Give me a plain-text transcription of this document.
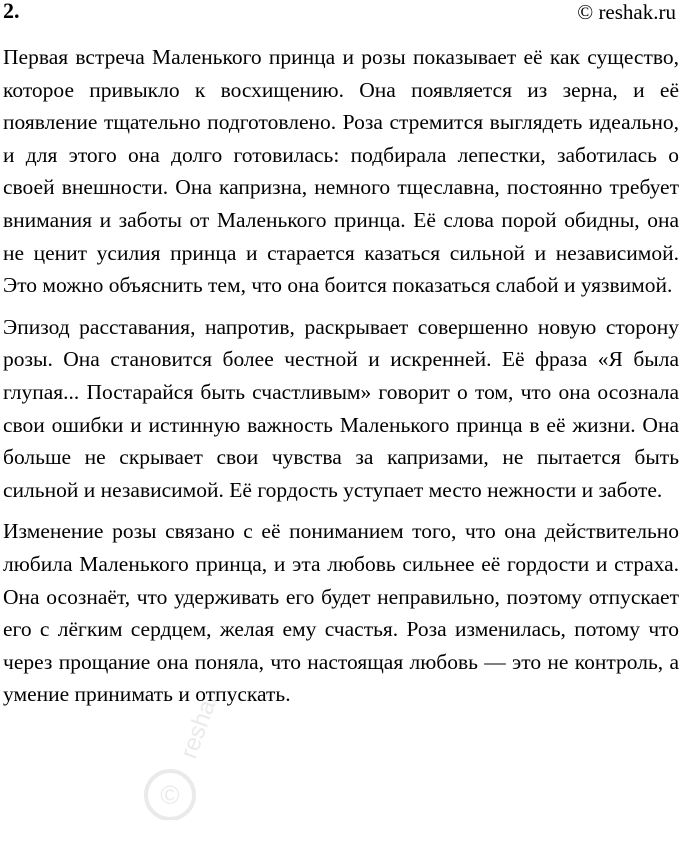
2.	© reshak.ru

Первая встреча Маленького принца и розы показывает её как существо, которое привыкло к восхищению. Она появляется из зерна, и её появление тщательно подготовлено. Роза стремится выглядеть идеально, и для этого она долго готовилась: подбирала лепестки, заботилась о своей внешности. Она капризна, немного тщеславна, постоянно требует внимания и заботы от Маленького принца. Её слова порой обидны, она не ценит усилия принца и старается казаться сильной и независимой. Это можно объяснить тем, что она боится показаться слабой и уязвимой.

Эпизод расставания, напротив, раскрывает совершенно новую сторону розы. Она становится более честной и искренней. Её фраза «Я была глупая... Постарайся быть счастливым» говорит о том, что она осознала свои ошибки и истинную важность Маленького принца в её жизни. Она больше не скрывает свои чувства за капризами, не пытается быть сильной и независимой. Её гордость уступает место нежности и заботе.

Изменение розы связано с её пониманием того, что она действительно любила Маленького принца, и эта любовь сильнее её гордости и страха. Она осознаёт, что удерживать его будет неправильно, поэтому отпускает его с лёгким сердцем, желая ему счастья. Роза изменилась, потому что через прощание она поняла, что настоящая любовь — это не контроль, а умение принимать и отпускать.

©
reshak.ru
